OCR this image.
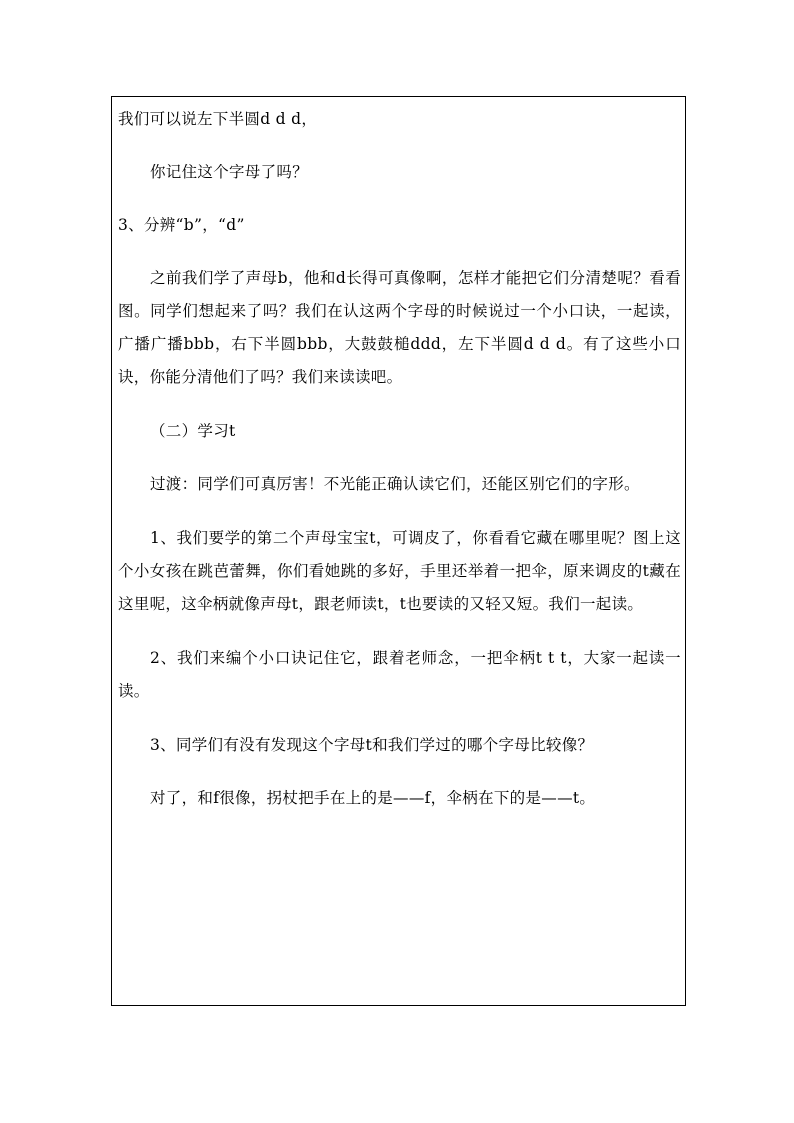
我们可以说左下半圆d d d，

你记住这个字母了吗？

3、分辨“b”，“d”

之前我们学了声母b，他和d长得可真像啊，怎样才能把它们分清楚呢？看看图。同学们想起来了吗？我们在认这两个字母的时候说过一个小口诀，一起读，广播广播bbb，右下半圆bbb，大鼓鼓槌ddd，左下半圆d d d。有了这些小口诀，你能分清他们了吗？我们来读读吧。

（二）学习t

过渡：同学们可真厉害！不光能正确认读它们，还能区别它们的字形。

1、我们要学的第二个声母宝宝t，可调皮了，你看看它藏在哪里呢？图上这个小女孩在跳芭蕾舞，你们看她跳的多好，手里还举着一把伞，原来调皮的t藏在这里呢，这伞柄就像声母t，跟老师读t，t也要读的又轻又短。我们一起读。

2、我们来编个小口诀记住它，跟着老师念，一把伞柄t t t，大家一起读一读。

3、同学们有没有发现这个字母t和我们学过的哪个字母比较像？

对了，和f很像，拐杖把手在上的是——f，伞柄在下的是——t。
